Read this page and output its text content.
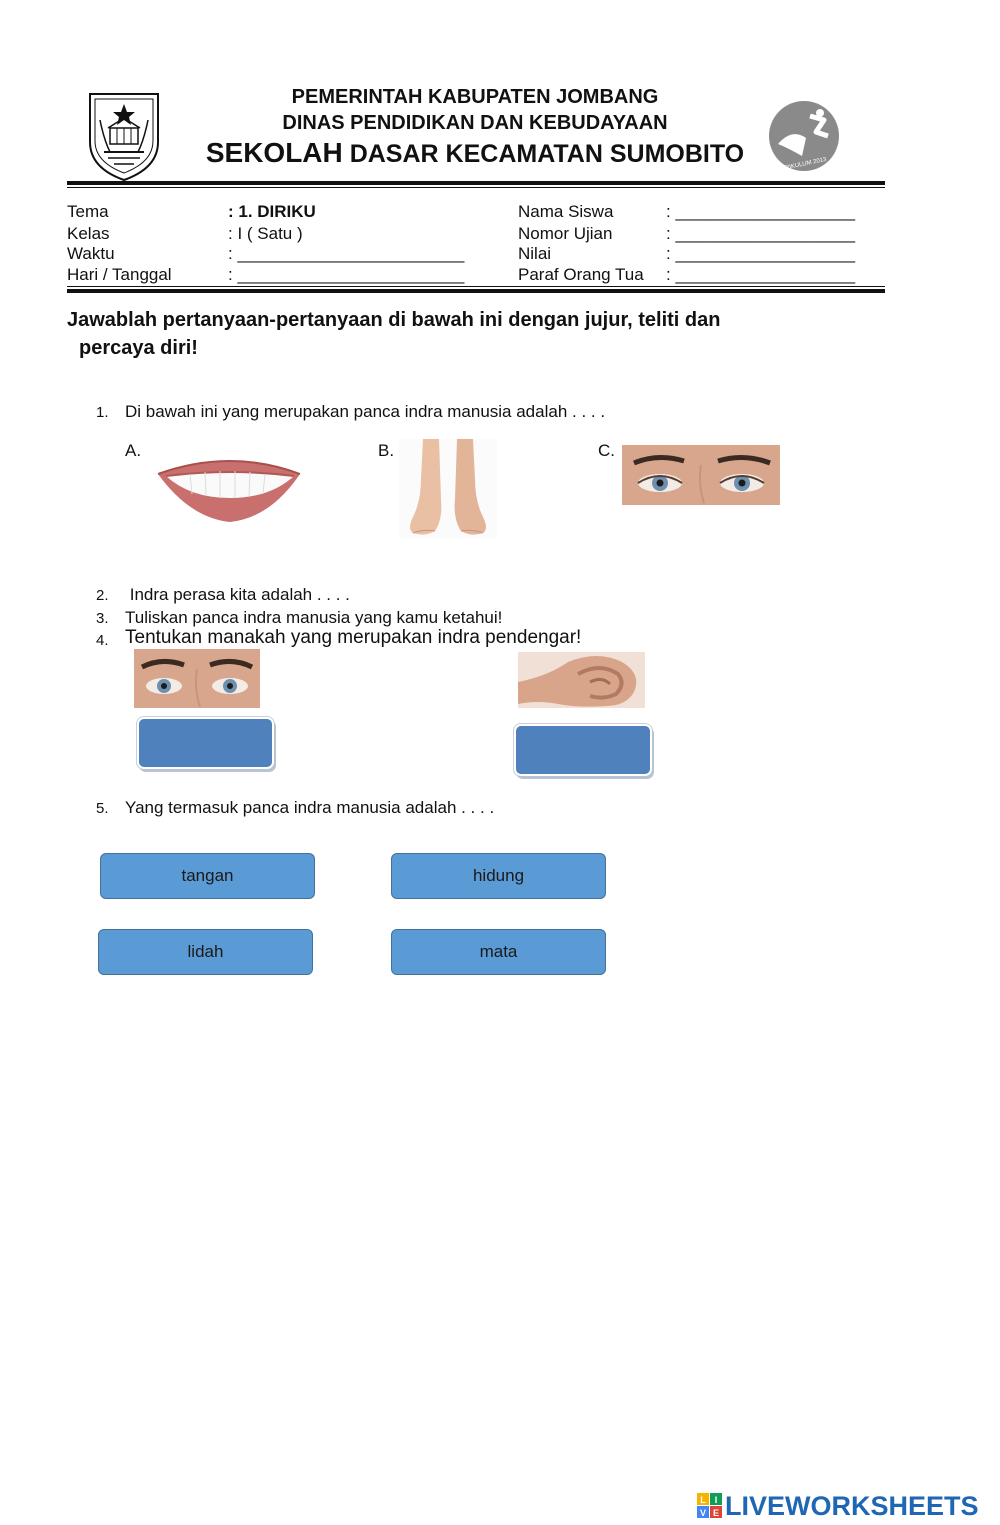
PEMERINTAH KABUPATEN JOMBANG
DINAS PENDIDIKAN DAN KEBUDAYAAN
SEKOLAH DASAR KECAMATAN SUMOBITO	KURIKULUM 2013
Tema	: 1. DIRIKU
Kelas	: I ( Satu )
Waktu	: ________________________
Hari / Tanggal	: ________________________
Nama Siswa	: ___________________
Nomor Ujian	: ___________________
Nilai	: ___________________
Paraf Orang Tua : ___________________
Jawablah pertanyaan-pertanyaan di bawah ini dengan jujur, teliti dan
percaya diri!
1. Di bawah ini yang merupakan panca indra manusia adalah . . . .
A.	B.	C.
2. Indra perasa kita adalah . . . .
3. Tuliskan panca indra manusia yang kamu ketahui!
4. Tentukan manakah yang merupakan indra pendengar!
5. Yang termasuk panca indra manusia adalah . . . .
tangan	hidung
lidah	mata
L I
V E LIVEWORKSHEETS
